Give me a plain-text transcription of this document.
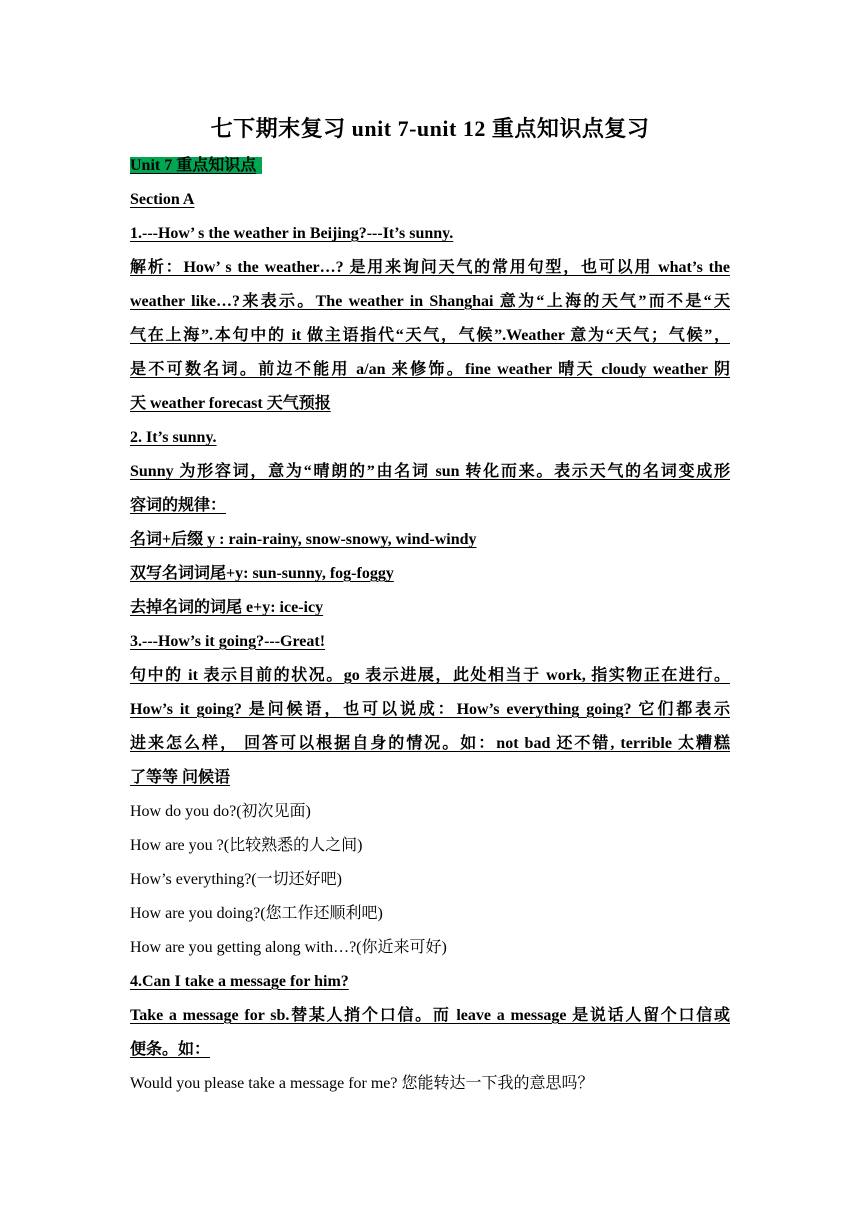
七下期末复习 unit 7-unit 12 重点知识点复习
Unit 7 重点知识点
Section A
1.---How’ s the weather in Beijing?---It’s sunny.
解析：How’ s the weather…? 是用来询问天气的常用句型，也可以用 what’s the
weather like…?来表示。The weather in Shanghai 意为“上海的天气”而不是“天
气在上海”.本句中的 it 做主语指代“天气，气候”.Weather 意为“天气；气候”，
是不可数名词。前边不能用 a/an 来修饰。fine weather 晴天 cloudy weather 阴
天 weather forecast 天气预报
2. It’s sunny.
Sunny 为形容词，意为“晴朗的”由名词 sun 转化而来。表示天气的名词变成形
容词的规律：
名词+后缀 y : rain-rainy, snow-snowy, wind-windy
双写名词词尾+y: sun-sunny, fog-foggy
去掉名词的词尾 e+y: ice-icy
3.---How’s it going?---Great!
句中的 it 表示目前的状况。go 表示进展，此处相当于 work, 指实物正在进行。
How’s it going? 是问候语，也可以说成：How’s everything going? 它们都表示
进来怎么样， 回答可以根据自身的情况。如：not bad 还不错, terrible 太糟糕
了等等 问候语
How do you do?(初次见面)
How are you ?(比较熟悉的人之间)
How’s everything?(一切还好吧)
How are you doing?(您工作还顺利吧)
How are you getting along with…?(你近来可好)
4.Can I take a message for him?
Take a message for sb.替某人捎个口信。而 leave a message 是说话人留个口信或
便条。如：
Would you please take a message for me? 您能转达一下我的意思吗？
